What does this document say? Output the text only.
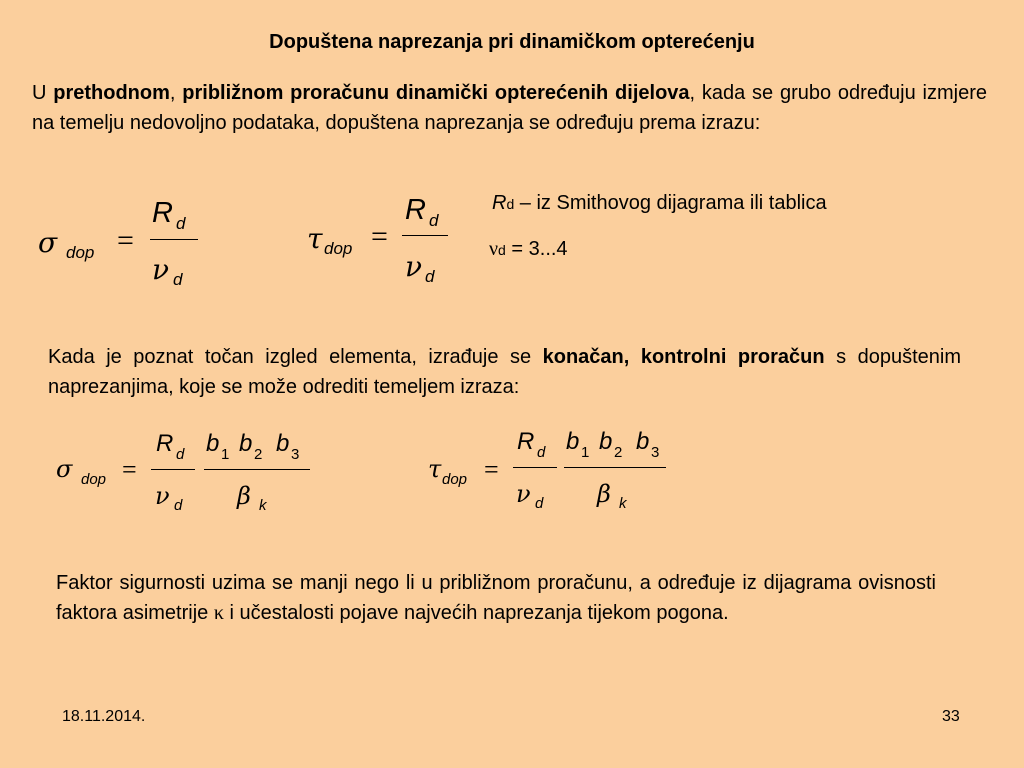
Dopuštena naprezanja pri dinamičkom opterećenju
U prethodnom, približnom proračunu dinamički opterećenih dijelova, kada se grubo određuju izmjere na temelju nedovoljno podataka, dopuštena naprezanja se određuju prema izrazu:
σ dop =
R d
ν d
τ dop =
R d
ν d
Rd – iz Smithovog dijagrama ili tablica
νd = 3...4
Kada je poznat točan izgled elementa, izrađuje se konačan, kontrolni proračun s dopuštenim naprezanjima, koje se može odrediti temeljem izraza:
σ dop =
R d
ν d
b 1 b 2 b 3
β k
τ dop =
R d
ν d
b 1 b 2 b 3
β k
Faktor sigurnosti uzima se manji nego li u približnom proračunu, a određuje iz dijagrama ovisnosti faktora asimetrije κ i učestalosti pojave najvećih naprezanja tijekom pogona.
18.11.2014.	33
